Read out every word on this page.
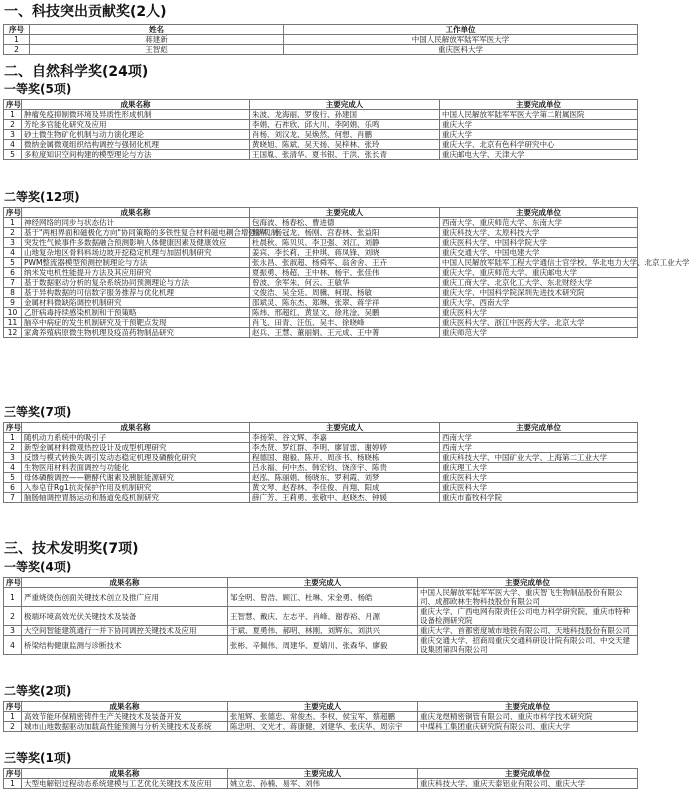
一、科技突出贡献奖(2人)
序号	姓名	工作单位
1	蒋建新	中国人民解放军陆军军医大学
2	王智彪	重庆医科大学
二、自然科学奖(24项)
一等奖(5项)
序号	成果名称	主要完成人	主要完成单位
1	肿瘤免疫抑制微环境及异质性形成机制	朱波、龙海丽、罗俊行、孙建国	中国人民解放军陆军军医大学第二附属医院
2	芳纶多官能化研究及应用	李娟、石祚欣、邱大川、李阿娟、乐鸣	重庆大学
3	砂土微生物矿化机制与动力演化理论	肖杨、刘汉龙、吴焕然、何想、肖鹏	重庆大学
4	微纳金属微观组织结构调控与强韧化机理	黄晓旭、陈斌、吴天扬、吴梓林、张玲	重庆大学、北京有色科学研究中心
5	多粒度知识空间构建的模型理论与方法	王国胤、张清华、夏书银、于洪、张长青	重庆邮电大学、天津大学
二等奖(12项)
序号	成果名称	主要完成人	主要完成单位
1	神经网络的同步与状态估计	包海波、杨春松、曹进德	西南大学、重庆师范大学、东南大学
2	基于"两相界面和磁极化方向"协同策略的多铁性复合材料磁电耦合增强新机制	熊军、杨冠龙、杨刚、宫春林、张益阳	重庆科技大学、太原科技大学
3	突发性气候事件多数据融合预测影响人体健康因素及健康效应	杜晨秋、陈贝贝、李卫强、刘江、刘静	重庆医科大学、中国科学院大学
4	山地复杂地区骨料料场边坡开挖稳定机理与加固机制研究	姜宾、李长莉、王仲琪、蒋凤锋、刘晓	重庆交通大学、中国电建大学
5	PWM整流器模型预测控制理论与方法	张永昌、张淑超、杨舜军、翁舍舍、王卉	中国人民解放军陆军工程大学通信士官学校、华北电力大学、北京工业大学
6	纳米发电机性能提升方法及其应用研究	夏振勇、杨超、王中林、杨宇、张佳伟	重庆大学、重庆师范大学、重庆邮电大学
7	基于数据驱动分析的复杂系统协同预测理论与方法	曾波、余军朱、何云、王敏华	重庆工商大学、北京化工大学、东北财经大学
8	基于异构数据的可信数字服务推荐与优化机理	文俊浩、吴全廷、周骥、柯琨、杨敏	重庆大学、中国科学院深圳先进技术研究院
9	金属材料微缺陷调控机制研究	邵斌灵、陈东杰、郑琳、张翠、蒋学祥	重庆大学、西南大学
10	乙肝病毒持续感染机制和干预策略	陈炜、邢超红、黄显文、徐兆淦、吴鹏	重庆医科大学
11	脑卒中病症的发生机制研究及干预靶点发现	肖飞、田青、汪伍、吴丰、徐晓峰	重庆医科大学、浙江中医药大学、北京大学
12	家禽养殖病原微生物机理及疫苗药物制品研究	赵兵、王慧、董丽娟、王元成、王中菁	重庆师范大学
三等奖(7项)
序号	成果名称	主要完成人	主要完成单位
1	随机动力系统中的吸引子	李扬荣、谷文辉、李嘉	西南大学
2	新型金属材料微观热控设计及成型机理研究	李杰贤、罗红群、李明、廖冒雷、谢婷婷	西南大学
3	反馈与模式转换失调引发动态稳定机理及磷酸化研究	程德国、谢毅、陈开、周彦书、杨晓栋	重庆科技大学、中国矿业大学、上海第二工业大学
4	生物医用材料表面调控与功能化	吕永福、何中杰、韩宏钧、饶彦宇、陈贵	重庆理工大学
5	母体磷酸调控——糖酵代谢素及胰脏能源研究	赵泓、陈丽娟、杨晓东、罗利霞、刘梦	重庆医科大学
6	入参皂苷Rg1抗炎保护作用及机制研究	黄文琴、赵春林、李佳俊、肖翔、阳成	重庆医科大学
7	脑肠轴调控胃肠运动和肠道免疫机制研究	薛广芳、王莉勇、张敬中、赵晓杰、钟媛	重庆市畜牧科学院
三、技术发明奖(7项)
一等奖(4项)
序号	成果名称	主要完成人	主要完成单位
1	严重烧烫伤创面关键技术创立及推广应用	邹全明、曾浩、顾江、杜琳、宋金勇、杨皓	中国人民解放军陆军军医大学、重庆智飞生物制品股份有限公司、成都欧林生物科技股份有限公司
2	极端环境高效光伏关键技术及装备	王智慧、戴庆、左志平、肖峰、谢春裕、月源	重庆大学、广西电网有限责任公司电力科学研究院、重庆市特种设备检测研究院
3	大空间智能建筑通行一并下协同调控关键技术及应用	于斌、夏勇伟、郝明、林刚、刘辉东、刘洪兴	重庆大学、首都密度城市地铁有限公司、天地科技股份有限公司
4	桥梁结构健康监测与诊断技术	张彬、辛佩伟、周建华、夏婧川、张森华、廖毅	重庆交通大学、招商局重庆交通科研设计院有限公司、中交天建设集团第四有限公司
二等奖(2项)
序号	成果名称	主要完成人	主要完成单位
1	高效节能环保精密铸件生产关键技术及装备开发	张旭辉、张德忠、常俊杰、李权、侯宝军、蔡超鹏	重庆龙煜精密铜管有限公司、重庆市科学技术研究院
2	城市山地数据驱动加载高性能预测与分析关键技术及系统	陈忠明、文光才、蒋康健、刘建华、张庆华、周宗宇	中煤科工集团重庆研究院有限公司、重庆大学
三等奖(1项)
序号	成果名称	主要完成人	主要完成单位
1	大型电解铝过程动态系统建模与工艺优化关键技术及应用	姚立忠、孙楠、易军、刘伟	重庆科技大学、重庆天泰铝业有限公司、重庆大学
